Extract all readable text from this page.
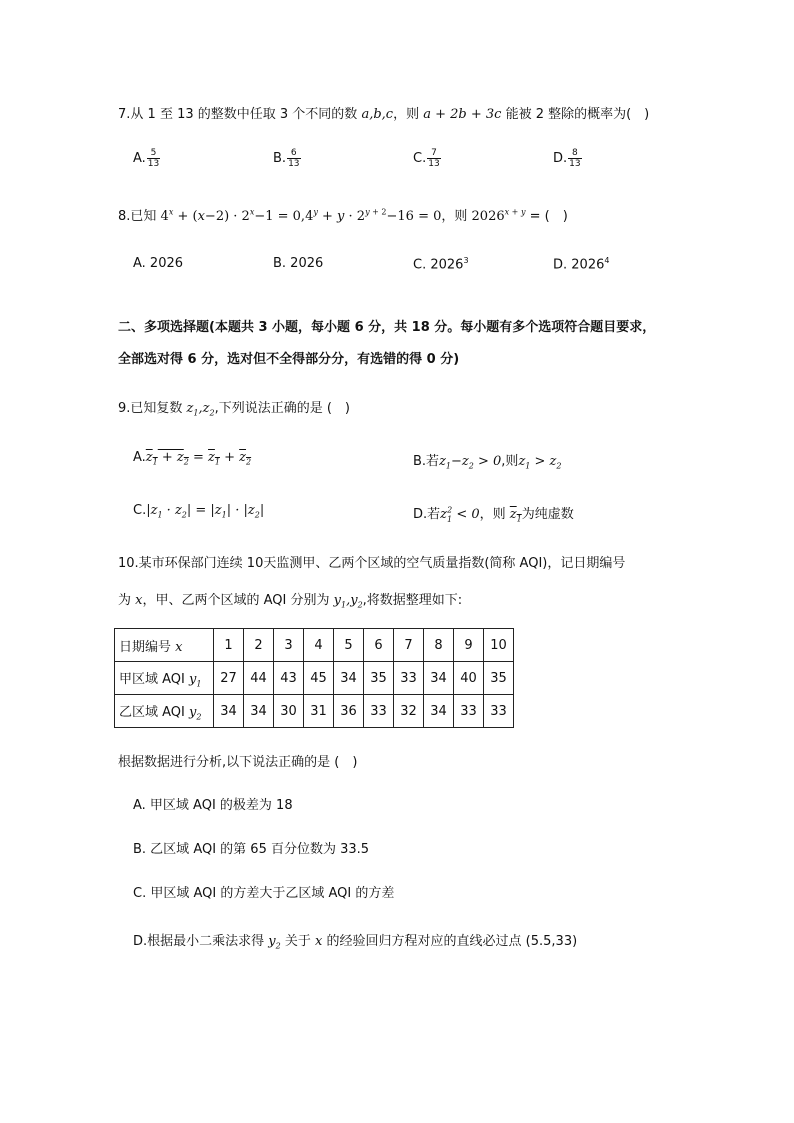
7.从 1 至 13 的整数中任取 3 个不同的数 a,b,c，则 a + 2b + 3c 能被 2 整除的概率为(　)
A. $\frac{5}{13}$	B. $\frac{6}{13}$	C. $\frac{7}{13}$	D. $\frac{8}{13}$
8.已知 $4^x + (x-2) \cdot 2^x-1 = 0,4^y + y \cdot 2^{y + 2}-16 = 0$，则 $2026^{x + y}$ = (　)
A. 2026	B. 2026	C. 2026$^3$	D. 2026$^4$
二、多项选择题(本题共 3 小题，每小题 6 分，共 18 分。每小题有多个选项符合题目要求，
全部选对得 6 分，选对但不全得部分分，有选错的得 0 分)
9.已知复数 $z_1,z_2$,下列说法正确的是 (　)
$A.z_1 + z_2 = z_1 + z_2$	B.若$z_1-z_2 > 0$,则$z_1 > z_2$
$C.|z_1 \cdot z_2| = |z_1| \cdot |z_2|$	D.若$z_1^2 < 0$，则 $z_1$为纯虚数
10.某市环保部门连续 10天监测甲、乙两个区域的空气质量指数(简称 AQI)，记日期编号
为 x，甲、乙两个区域的 AQI 分别为 $y_1,y_2$,将数据整理如下:
日期编号 x	1	2	3	4	5	6	7	8	9	10
甲区域 AQI $y_1$	27	44	43	45	34	35	33	34	40	35
乙区域 AQI $y_2$	34	34	30	31	36	33	32	34	33	33
根据数据进行分析,以下说法正确的是 (　)
A. 甲区域 AQI 的极差为 18
B. 乙区域 AQI 的第 65 百分位数为 33.5
C. 甲区域 AQI 的方差大于乙区域 AQI 的方差
D.根据最小二乘法求得 $y_2$ 关于 x 的经验回归方程对应的直线必过点 (5.5,33)
